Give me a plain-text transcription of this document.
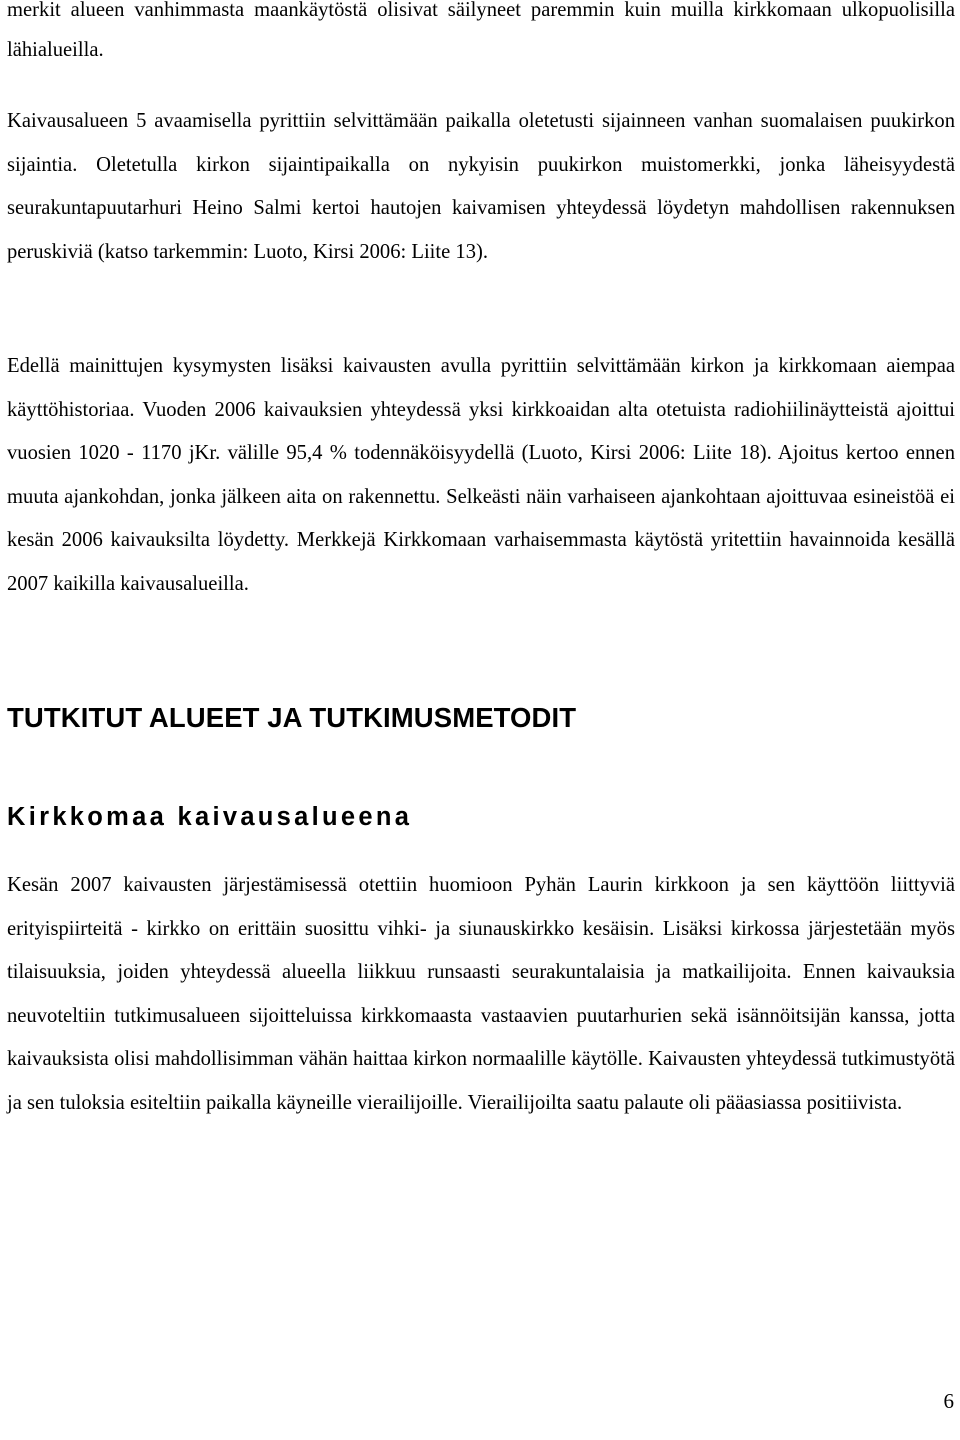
merkit alueen vanhimmasta maankäytöstä olisivat säilyneet paremmin kuin muilla kirkkomaan ulkopuolisilla lähialueilla.

Kaivausalueen 5 avaamisella pyrittiin selvittämään paikalla oletetusti sijainneen vanhan suomalaisen puukirkon sijaintia. Oletetulla kirkon sijaintipaikalla on nykyisin puukirkon muistomerkki, jonka läheisyydestä seurakuntapuutarhuri Heino Salmi kertoi hautojen kaivamisen yhteydessä löydetyn mahdollisen rakennuksen peruskiviä (katso tarkemmin: Luoto, Kirsi 2006: Liite 13).

Edellä mainittujen kysymysten lisäksi kaivausten avulla pyrittiin selvittämään kirkon ja kirkkomaan aiempaa käyttöhistoriaa. Vuoden 2006 kaivauksien yhteydessä yksi kirkkoaidan alta otetuista radiohiilinäytteistä ajoittui vuosien 1020 - 1170 jKr. välille 95,4 % todennäköisyydellä (Luoto, Kirsi 2006: Liite 18). Ajoitus kertoo ennen muuta ajankohdan, jonka jälkeen aita on rakennettu. Selkeästi näin varhaiseen ajankohtaan ajoittuvaa esineistöä ei kesän 2006 kaivauksilta löydetty. Merkkejä Kirkkomaan varhaisemmasta käytöstä yritettiin havainnoida kesällä 2007 kaikilla kaivausalueilla.

TUTKITUT ALUEET JA TUTKIMUSMETODIT
Kirkkomaa kaivausalueena

Kesän 2007 kaivausten järjestämisessä otettiin huomioon Pyhän Laurin kirkkoon ja sen käyttöön liittyviä erityispiirteitä - kirkko on erittäin suosittu vihki- ja siunauskirkko kesäisin. Lisäksi kirkossa järjestetään myös tilaisuuksia, joiden yhteydessä alueella liikkuu runsaasti seurakuntalaisia ja matkailijoita. Ennen kaivauksia neuvoteltiin tutkimusalueen sijoitteluissa kirkkomaasta vastaavien puutarhurien sekä isännöitsijän kanssa, jotta kaivauksista olisi mahdollisimman vähän haittaa kirkon normaalille käytölle. Kaivausten yhteydessä tutkimustyötä ja sen tuloksia esiteltiin paikalla käyneille vierailijoille. Vierailijoilta saatu palaute oli pääasiassa positiivista.

6
